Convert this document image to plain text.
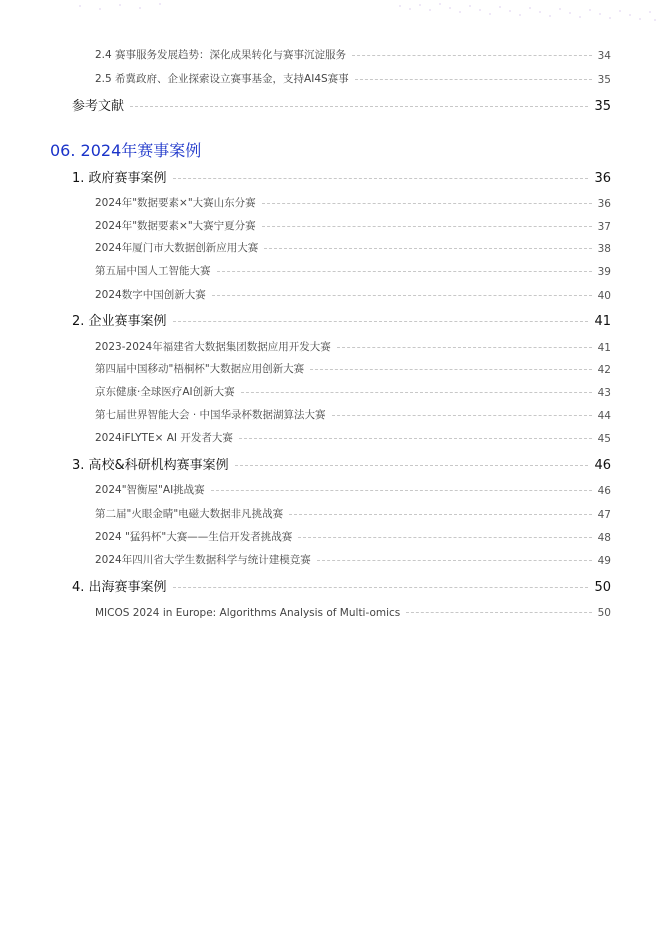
2.4 赛事服务发展趋势：深化成果转化与赛事沉淀服务	34
2.5 希冀政府、企业探索设立赛事基金，支持AI4S赛事	35
参考文献	35
06. 2024年赛事案例
1. 政府赛事案例	36
2024年"数据要素×"大赛山东分赛	36
2024年"数据要素×"大赛宁夏分赛	37
2024年厦门市大数据创新应用大赛	38
第五届中国人工智能大赛	39
2024数字中国创新大赛	40
2. 企业赛事案例	41
2023-2024年福建省大数据集团数据应用开发大赛	41
第四届中国移动"梧桐杯"大数据应用创新大赛	42
京东健康·全球医疗AI创新大赛	43
第七届世界智能大会 · 中国华录杯数据湖算法大赛	44
2024iFLYTE× AI 开发者大赛	45
3. 高校&科研机构赛事案例	46
2024"智衡屋"AI挑战赛	46
第二届"火眼金睛"电磁大数据非凡挑战赛	47
2024 "猛犸杯"大赛——生信开发者挑战赛	48
2024年四川省大学生数据科学与统计建模竞赛	49
4. 出海赛事案例	50
MICOS 2024 in Europe: Algorithms Analysis of Multi-omics	50
